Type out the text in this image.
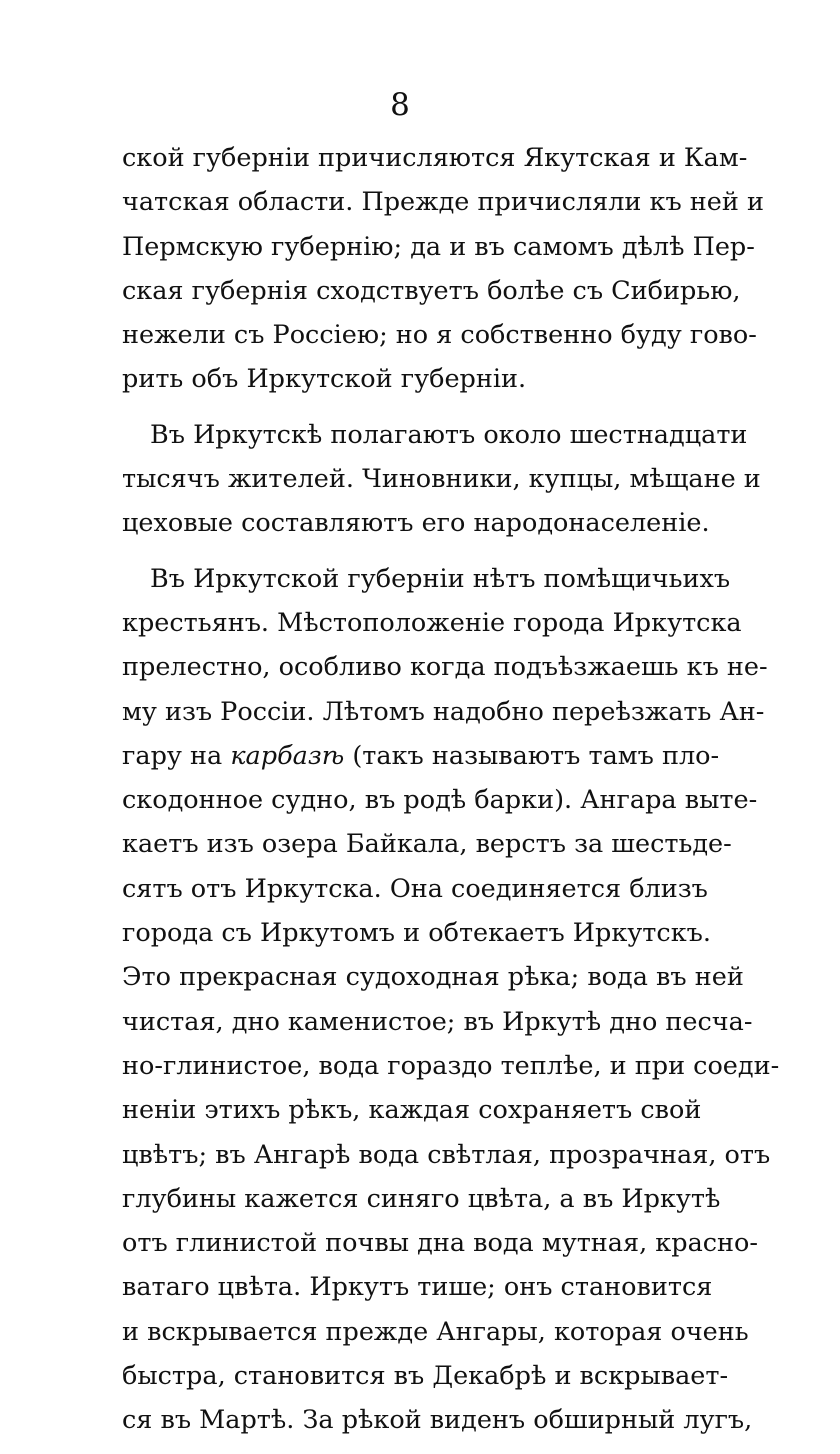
8
ской губерніи причисляются Якутская и Кам-
чатская области. Прежде причисляли къ ней и
Пермскую губернію; да и въ самомъ дѣлѣ Пер-
ская губернія сходствуетъ болѣе съ Сибирью,
нежели съ Россіею; но я собственно буду гово-
рить объ Иркутской губерніи.
Въ Иркутскѣ полагаютъ около шестнадцати
тысячъ жителей. Чиновники, купцы, мѣщане и
цеховые составляютъ его народонаселеніе.
Въ Иркутской губерніи нѣтъ помѣщичьихъ
крестьянъ. Мѣстоположеніе города Иркутска
прелестно, особливо когда подъѣзжаешь къ не-
му изъ Россіи. Лѣтомъ надобно переѣзжать Ан-
гару на карбазѣ (такъ называютъ тамъ пло-
скодонное судно, въ родѣ барки). Ангара выте-
каетъ изъ озера Байкала, верстъ за шестьде-
сятъ отъ Иркутска. Она соединяется близъ
города съ Иркутомъ и обтекаетъ Иркутскъ.
Это прекрасная судоходная рѣка; вода въ ней
чистая, дно каменистое; въ Иркутѣ дно песча-
но-глинистое, вода гораздо теплѣе, и при соеди-
неніи этихъ рѣкъ, каждая сохраняетъ свой
цвѣтъ; въ Ангарѣ вода свѣтлая, прозрачная, отъ
глубины кажется синяго цвѣта, а въ Иркутѣ
отъ глинистой почвы дна вода мутная, красно-
ватаго цвѣта. Иркутъ тише; онъ становится
и вскрывается прежде Ангары, которая очень
быстра, становится въ Декабрѣ и вскрывает-
ся въ Мартѣ. За рѣкой виденъ обширный лугъ,
